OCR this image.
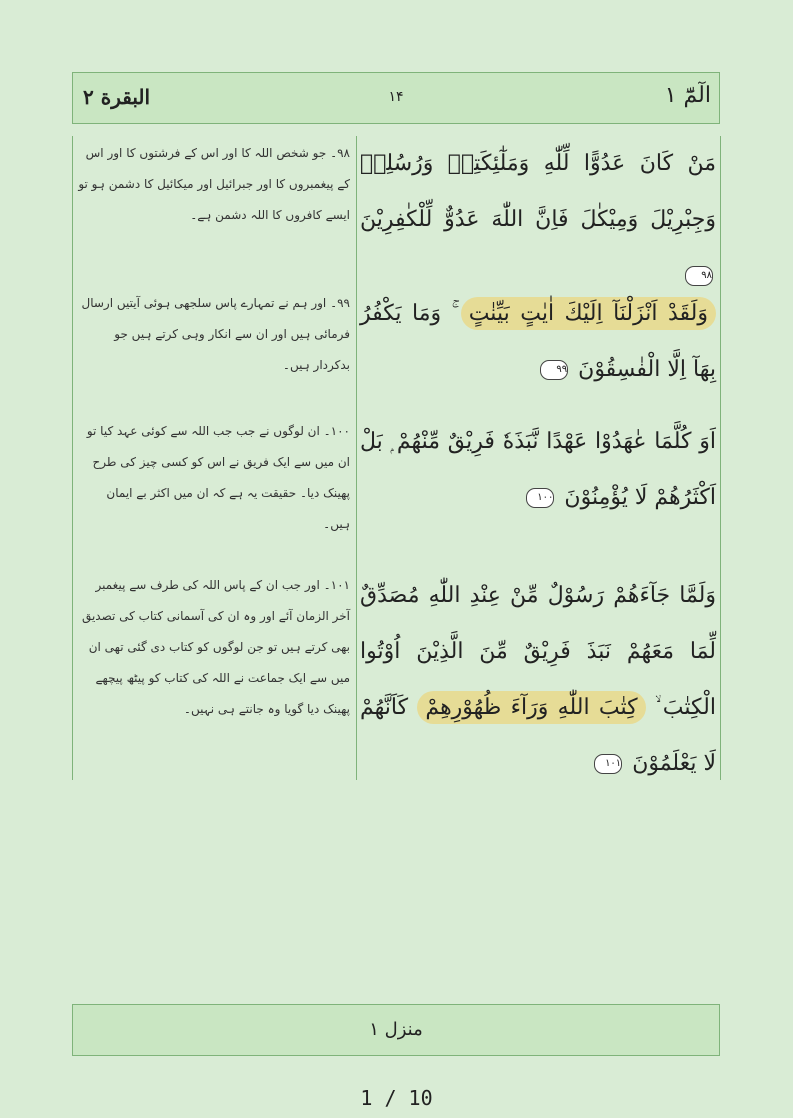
البقرة ۲	۱۴	الٓمّٓ ۱
۹۸۔ جو شخص اللہ کا اور اس کے فرشتوں کا اور اس کے پیغمبروں کا اور جبرائیل اور میکائیل کا دشمن ہو تو ایسے کافروں کا اللہ دشمن ہے۔
مَنْ كَانَ عَدُوًّا لِّلّٰهِ وَمَلٰٓئِكَتِهٖ وَرُسُلِهٖ وَجِبْرِيْلَ وَمِيْكٰلَ فَاِنَّ اللّٰهَ عَدُوٌّ لِّلْكٰفِرِيْنَ ۹۸
۹۹۔ اور ہم نے تمہارے پاس سلجھی ہوئی آیتیں ارسال فرمائی ہیں اور ان سے انکار وہی کرتے ہیں جو بدکردار ہیں۔
وَلَقَدْ اَنْزَلْنَآ اِلَيْكَ اٰيٰتٍ بَيِّنٰتٍ ۚ وَمَا يَكْفُرُ بِهَآ اِلَّا الْفٰسِقُوْنَ ۹۹
۱۰۰۔ ان لوگوں نے جب جب اللہ سے کوئی عہد کیا تو ان میں سے ایک فریق نے اس کو کسی چیز کی طرح پھینک دیا۔ حقیقت یہ ہے کہ ان میں اکثر بے ایمان ہیں۔
اَوَ كُلَّمَا عٰهَدُوْا عَهْدًا نَّبَذَهٗ فَرِيْقٌ مِّنْهُمْ ۭ بَلْ اَكْثَرُهُمْ لَا يُؤْمِنُوْنَ ۱۰۰
۱۰۱۔ اور جب ان کے پاس اللہ کی طرف سے پیغمبر آخر الزمان آئے اور وہ ان کی آسمانی کتاب کی تصدیق بھی کرتے ہیں تو جن لوگوں کو کتاب دی گئی تھی ان میں سے ایک جماعت نے اللہ کی کتاب کو پیٹھ پیچھے پھینک دیا گویا وہ جانتے ہی نہیں۔
وَلَمَّا جَآءَهُمْ رَسُوْلٌ مِّنْ عِنْدِ اللّٰهِ مُصَدِّقٌ لِّمَا مَعَهُمْ نَبَذَ فَرِيْقٌ مِّنَ الَّذِيْنَ اُوْتُوا الْكِتٰبَ ۙ كِتٰبَ اللّٰهِ وَرَآءَ ظُهُوْرِهِمْ كَاَنَّهُمْ لَا يَعْلَمُوْنَ ۱۰۱
منزل ۱
1 / 10
